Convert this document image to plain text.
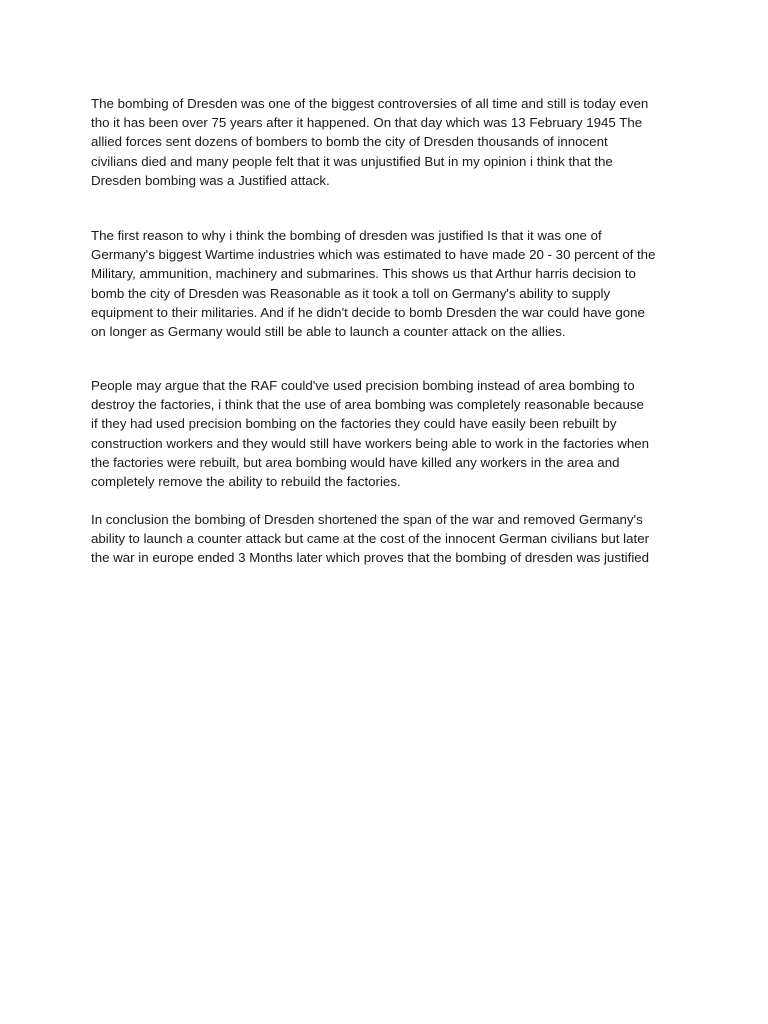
The bombing of Dresden was one of the biggest controversies of all time and still is today even
tho it has been over 75 years after it happened. On that day which was 13 February 1945 The
allied forces sent dozens of bombers to bomb the city of Dresden thousands of innocent
civilians died and many people felt that it was unjustified But in my opinion i think that the
Dresden bombing was a Justified attack.

The first reason to why i think the bombing of dresden was justified Is that it was one of
Germany's biggest Wartime industries which was estimated to have made 20 - 30 percent of the
Military, ammunition, machinery and submarines. This shows us that Arthur harris decision to
bomb the city of Dresden was Reasonable as it took a toll on Germany's ability to supply
equipment to their militaries. And if he didn't decide to bomb Dresden the war could have gone
on longer as Germany would still be able to launch a counter attack on the allies.

People may argue that the RAF could've used precision bombing instead of area bombing to
destroy the factories, i think that the use of area bombing was completely reasonable because
if they had used precision bombing on the factories they could have easily been rebuilt by
construction workers and they would still have workers being able to work in the factories when
the factories were rebuilt, but area bombing would have killed any workers in the area and
completely remove the ability to rebuild the factories.

In conclusion the bombing of Dresden shortened the span of the war and removed Germany's
ability to launch a counter attack but came at the cost of the innocent German civilians but later
the war in europe ended 3 Months later which proves that the bombing of dresden was justified
